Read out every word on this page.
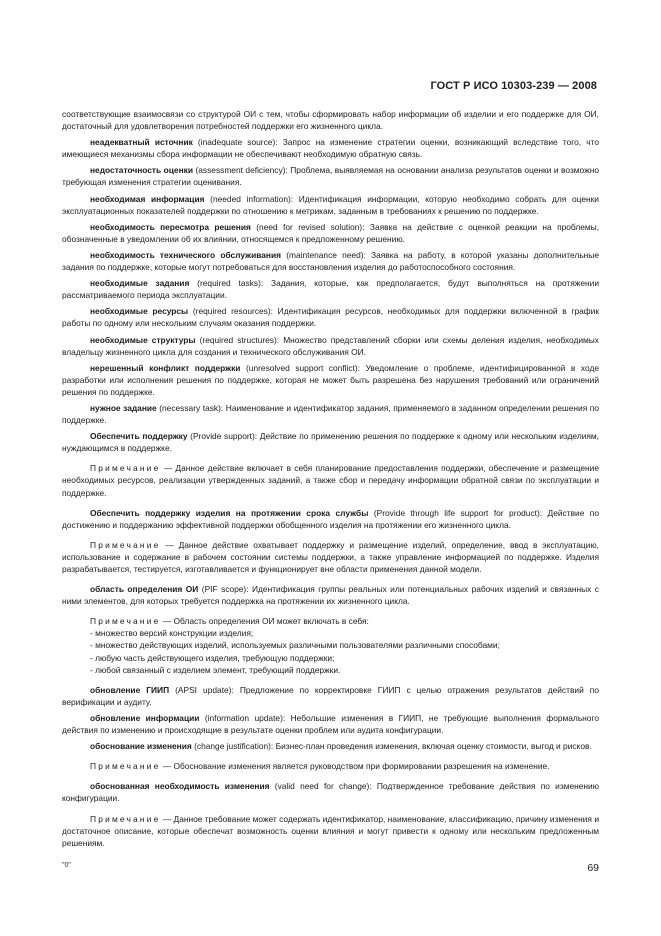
ГОСТ Р ИСО 10303-239 — 2008

соответствующие взаимосвязи со структурой ОИ с тем, чтобы сформировать набор информации об изделии и его поддержке для ОИ, достаточный для удовлетворения потребностей поддержки его жизненного цикла.

неадекватный источник (inadequate source): Запрос на изменение стратегии оценки, возникающий вследствие того, что имеющиеся механизмы сбора информации не обеспечивают необходимую обратную связь.

недостаточность оценки (assessment deficiency): Проблема, выявляемая на основании анализа результатов оценки и возможно требующая изменения стратегии оценивания.

необходимая информация (needed information): Идентификация информации, которую необходимо собрать для оценки эксплуатационных показателей поддержки по отношению к метрикам, заданным в требованиях к решению по поддержке.

необходимость пересмотра решения (need for revised solution): Заявка на действие с оценкой реакции на проблемы, обозначенные в уведомлении об их влиянии, относящемся к предложенному решению.

необходимость технического обслуживания (maintenance need): Заявка на работу, в которой указаны дополнительные задания по поддержке, которые могут потребоваться для восстановления изделия до работоспособного состояния.

необходимые задания (required tasks): Задания, которые, как предполагается, будут выполняться на протяжении рассматриваемого периода эксплуатации.

необходимые ресурсы (required resources): Идентификация ресурсов, необходимых для поддержки включенной в график работы по одному или нескольким случаям оказания поддержки.

необходимые структуры (required structures): Множество представлений сборки или схемы деления изделия, необходимых владельцу жизненного цикла для создания и технического обслуживания ОИ.

нерешенный конфликт поддержки (unresolved support conflict): Уведомление о проблеме, идентифицированной в ходе разработки или исполнения решения по поддержке, которая не может быть разрешена без нарушения требований или ограничений решения по поддержке.

нужное задание (necessary task): Наименование и идентификатор задания, применяемого в заданном определении решения по поддержке.

Обеспечить поддержку (Provide support): Действие по применению решения по поддержке к одному или нескольким изделиям, нуждающимся в поддержке.

Примечание — Данное действие включает в себя планирование предоставления поддержки, обеспечение и размещение необходимых ресурсов, реализации утвержденных заданий, а также сбор и передачу информации обратной связи по эксплуатации и поддержке.

Обеспечить поддержку изделия на протяжении срока службы (Provide through life support for product): Действие по достижению и поддержанию эффективной поддержки обобщенного изделия на протяжении его жизненного цикла.

Примечание — Данное действие охватывает поддержку и размещение изделий, определение, ввод в эксплуатацию, использование и содержание в рабочем состоянии системы поддержки, а также управление информацией по поддержке. Изделия разрабатывается, тестируется, изготавливается и функционирует вне области применения данной модели.

область определения ОИ (PIF scope): Идентификация группы реальных или потенциальных рабочих изделий и связанных с ними элементов, для которых требуется поддержка на протяжении их жизненного цикла.

Примечание — Область определения ОИ может включать в себя:

- множество версий конструкции изделия;
- множество действующих изделий, используемых различными пользователями различными способами;
- любую часть действующего изделия, требующую поддержки;
- любой связанный с изделием элемент, требующий поддержки.

обновление ГИИП (APSI update): Предложение по корректировке ГИИП с целью отражения результатов действий по верификации и аудиту.

обновление информации (information update): Небольшие изменения в ГИИП, не требующие выполнения формального действия по изменению и происходящие в результате оценки проблем или аудита конфигурации.

обоснование изменения (change justification): Бизнес-план проведения изменения, включая оценку стоимости, выгод и рисков.

Примечание — Обоснование изменения является руководством при формировании разрешения на изменение.

обоснованная необходимость изменения (valid need for change): Подтвержденное требование действия по изменению конфигурации.

Примечание — Данное требование может содержать идентификатор, наименование, классификацию, причину изменения и достаточное описание, которые обеспечат возможность оценки влияния и могут привести к одному или нескольким предложенным решениям.

"0"	69
